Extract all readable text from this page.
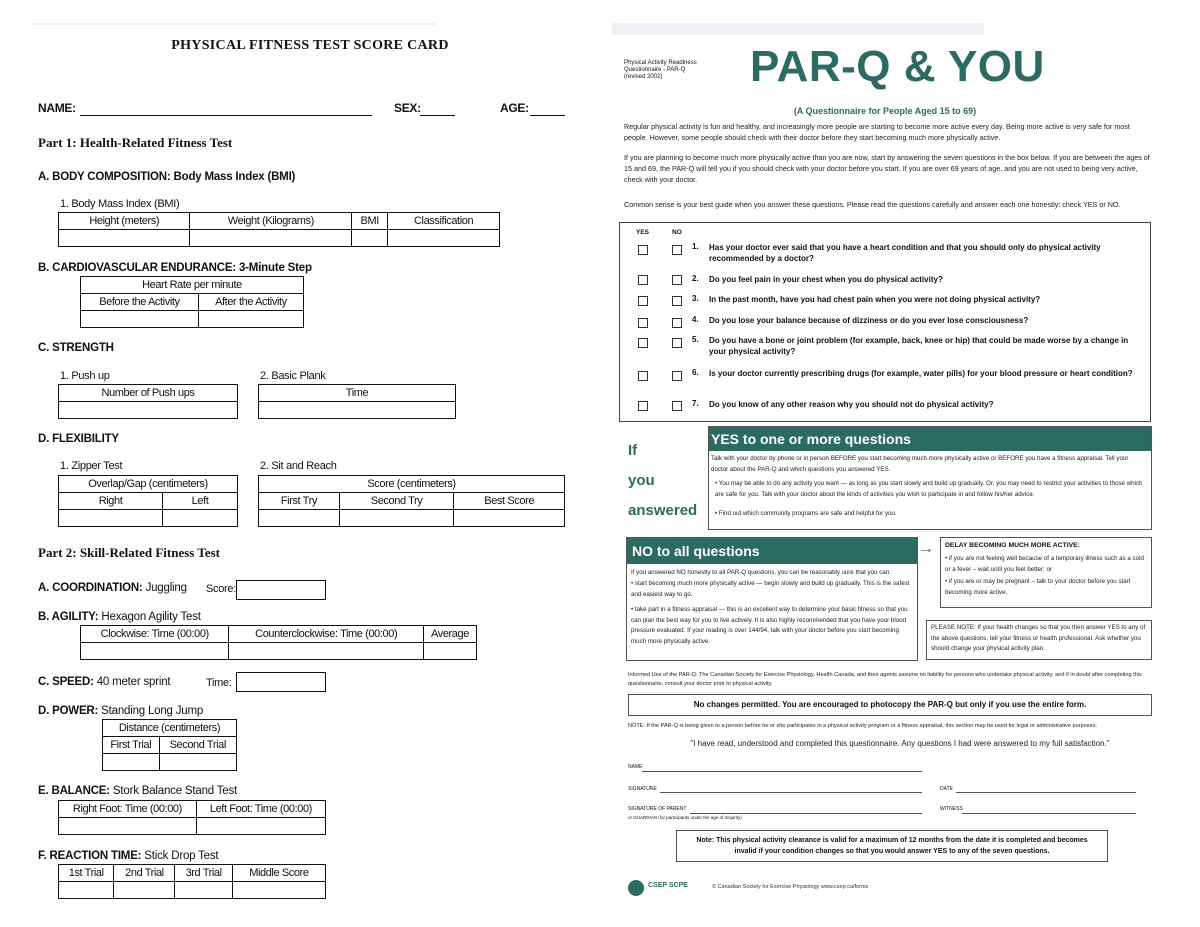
PHYSICAL FITNESS TEST SCORE CARD
NAME:	SEX:	AGE:
Part 1: Health-Related Fitness Test
A. BODY COMPOSITION: Body Mass Index (BMI)
1. Body Mass Index (BMI)
Height (meters)	Weight (Kilograms)	BMI	Classification

B. CARDIOVASCULAR ENDURANCE: 3-Minute Step
Heart Rate per minute	
Before the Activity	After the Activity

C. STRENGTH
1. Push up
Number of Push ups

2. Basic Plank
Time

D. FLEXIBILITY
1. Zipper Test
Overlap/Gap (centimeters)	
Right	Left

2. Sit and Reach
Score (centimeters)		
First Try	Second Try	Best Score

Part 2: Skill-Related Fitness Test
A. COORDINATION: Juggling Score:
B. AGILITY: Hexagon Agility Test
Clockwise: Time (00:00)	Counterclockwise: Time (00:00)	Average

C. SPEED: 40 meter sprint	Time:
D. POWER: Standing Long Jump
Distance (centimeters)	
First Trial	Second Trial

E. BALANCE: Stork Balance Stand Test
Right Foot: Time (00:00)	Left Foot: Time (00:00)

F. REACTION TIME: Stick Drop Test
1st Trial	2nd Trial	3rd Trial	Middle Score

Physical Activity Readiness
Questionnaire - PAR-Q
(revised 2002)	PAR-Q & YOU
(A Questionnaire for People Aged 15 to 69)
Regular physical activity is fun and healthy, and increasingly more people are starting to become more active every day. Being more active is very safe for most people. However, some people should check with their doctor before they start becoming much more physically active.
If you are planning to become much more physically active than you are now, start by answering the seven questions in the box below. If you are between the ages of 15 and 69, the PAR-Q will tell you if you should check with your doctor before you start. If you are over 69 years of age, and you are not used to being very active, check with your doctor.
Common sense is your best guide when you answer these questions. Please read the questions carefully and answer each one honestly: check YES or NO.
YES	NO
1. Has your doctor ever said that you have a heart condition and that you should only do physical activity recommended by a doctor?
2. Do you feel pain in your chest when you do physical activity?
3. In the past month, have you had chest pain when you were not doing physical activity?
4. Do you lose your balance because of dizziness or do you ever lose consciousness?
5. Do you have a bone or joint problem (for example, back, knee or hip) that could be made worse by a change in your physical activity?
6. Is your doctor currently prescribing drugs (for example, water pills) for your blood pressure or heart condition?
7. Do you know of any other reason why you should not do physical activity?
If
you
answered
YES to one or more questions
Talk with your doctor by phone or in person BEFORE you start becoming much more physically active or BEFORE you have a fitness appraisal. Tell your doctor about the PAR-Q and which questions you answered YES.
• You may be able to do any activity you want — as long as you start slowly and build up gradually. Or, you may need to restrict your activities to those which are safe for you. Talk with your doctor about the kinds of activities you wish to participate in and follow his/her advice.
• Find out which community programs are safe and helpful for you.
NO to all questions
If you answered NO honestly to all PAR-Q questions, you can be reasonably sure that you can:
• start becoming much more physically active — begin slowly and build up gradually. This is the safest and easiest way to go.
• take part in a fitness appraisal — this is an excellent way to determine your basic fitness so that you can plan the best way for you to live actively. It is also highly recommended that you have your blood pressure evaluated. If your reading is over 144/94, talk with your doctor before you start becoming much more physically active.
→ DELAY BECOMING MUCH MORE ACTIVE:
• if you are not feeling well because of a temporary illness such as a cold or a fever – wait until you feel better; or
• if you are or may be pregnant – talk to your doctor before you start becoming more active.
PLEASE NOTE: If your health changes so that you then answer YES to any of the above questions, tell your fitness or health professional. Ask whether you should change your physical activity plan.
Informed Use of the PAR-Q: The Canadian Society for Exercise Physiology, Health Canada, and their agents assume no liability for persons who undertake physical activity, and if in doubt after completing this questionnaire, consult your doctor prior to physical activity.
No changes permitted. You are encouraged to photocopy the PAR-Q but only if you use the entire form.
NOTE: If the PAR-Q is being given to a person before he or she participates in a physical activity program or a fitness appraisal, this section may be used for legal or administrative purposes.
"I have read, understood and completed this questionnaire. Any questions I had were answered to my full satisfaction."
NAME
SIGNATURE	DATE
SIGNATURE OF PARENT
or GUARDIAN (for participants under the age of majority)
WITNESS
Note: This physical activity clearance is valid for a maximum of 12 months from the date it is completed and becomes invalid if your condition changes so that you would answer YES to any of the seven questions.
CSEP SCPE	© Canadian Society for Exercise Physiology www.csep.ca/forms
